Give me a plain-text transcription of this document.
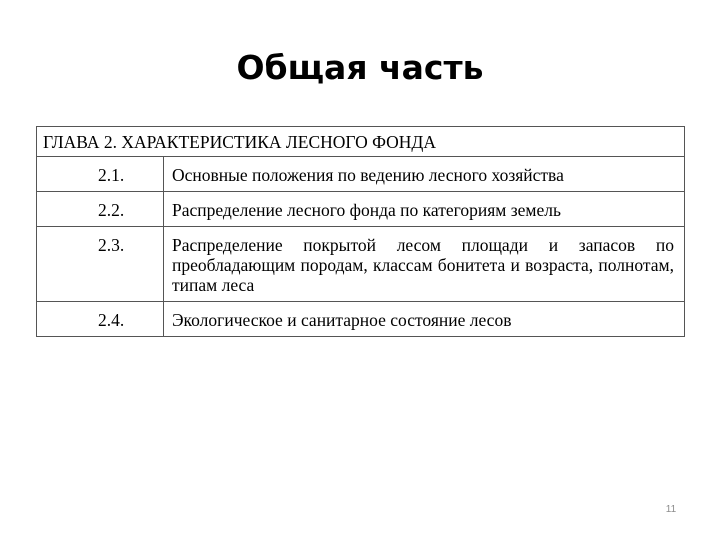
Общая часть
ГЛАВА 2. ХАРАКТЕРИСТИКА ЛЕСНОГО ФОНДА		
	2.1.	Основные положения по ведению лесного хозяйства
	2.2.	Распределение лесного фонда по категориям земель
	2.3.	Распределение покрытой лесом площади и запасов по преобладающим породам, классам бонитета и возраста, полнотам, типам леса
	2.4.	Экологическое и санитарное состояние лесов
11
